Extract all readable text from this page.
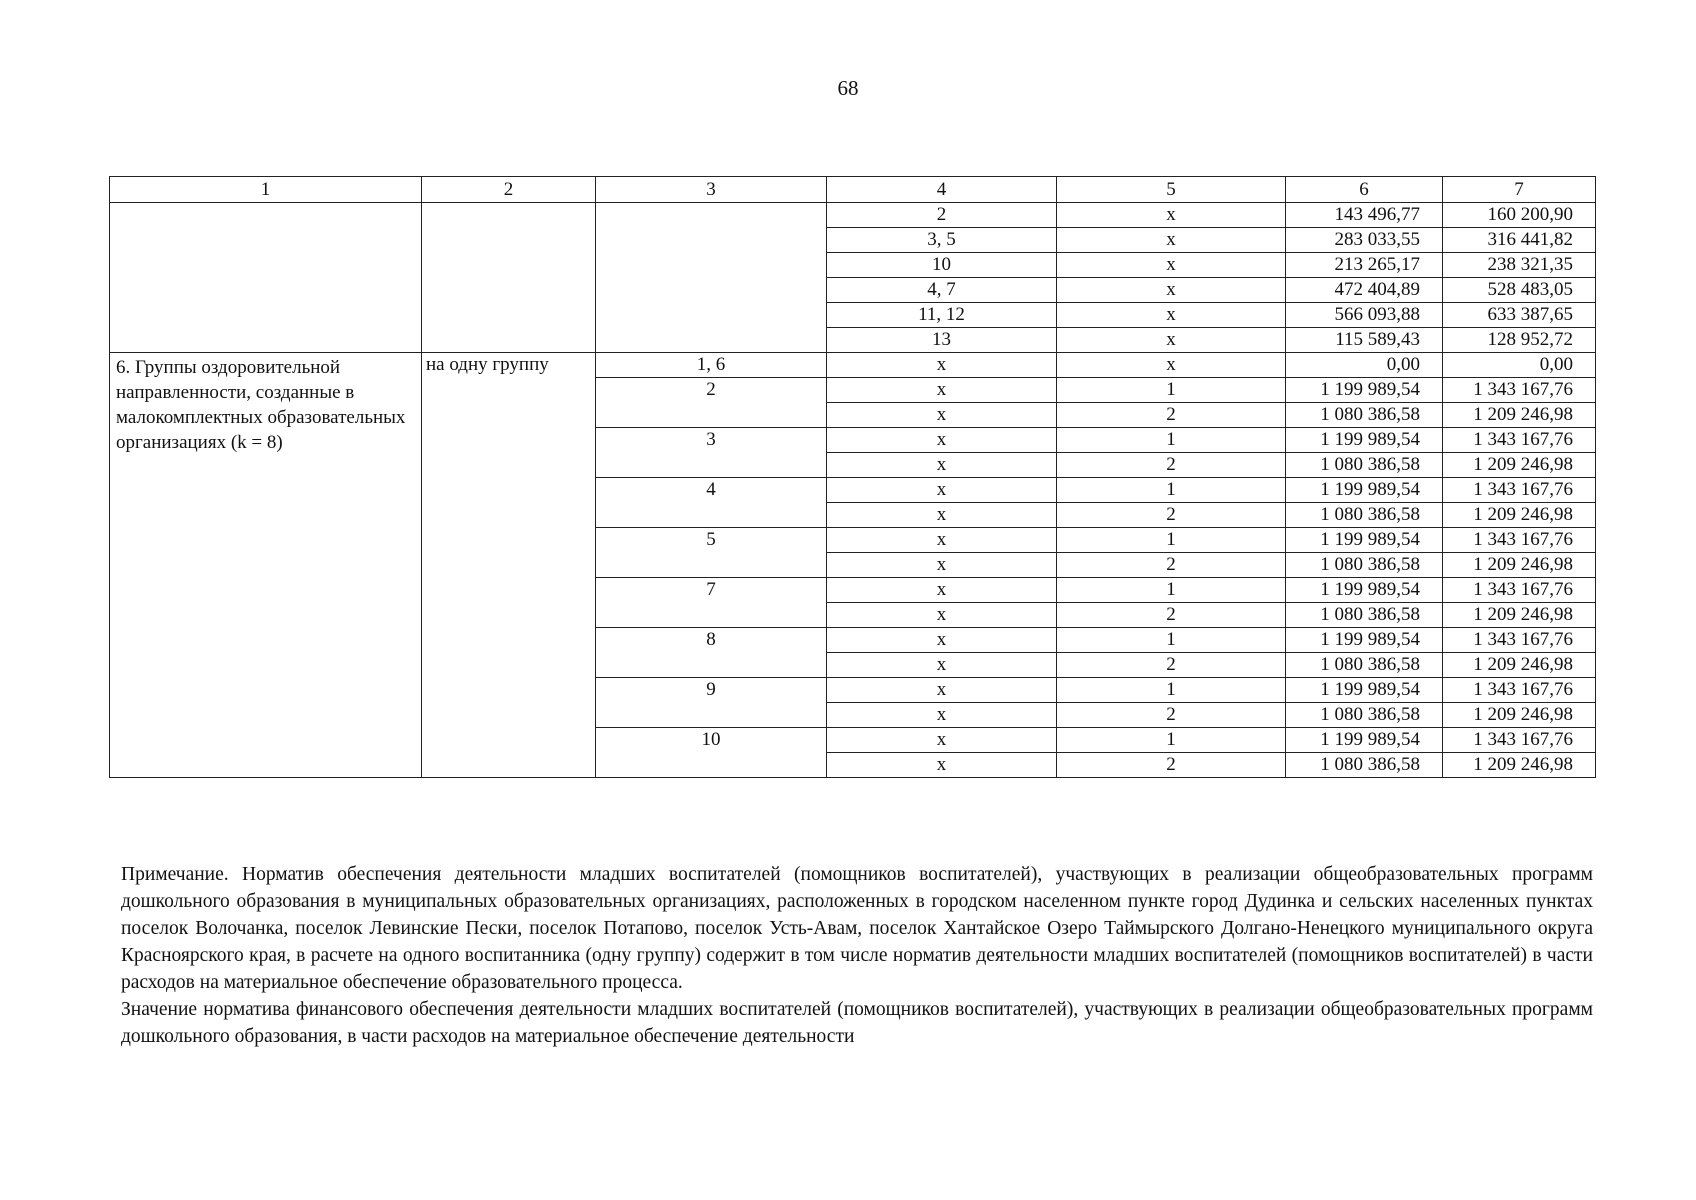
68
1	2	3	4	5	6	7
			2	х	143 496,77	160 200,90
			3, 5	х	283 033,55	316 441,82
			10	х	213 265,17	238 321,35
			4, 7	х	472 404,89	528 483,05
			11, 12	х	566 093,88	633 387,65
			13	х	115 589,43	128 952,72
6. Группы оздоровительной направленности, созданные в малокомплектных образовательных организациях (k = 8)	на одну группу	1, 6	х	х	0,00	0,00
		2	х	1	1 199 989,54	1 343 167,76
			х	2	1 080 386,58	1 209 246,98
		3	х	1	1 199 989,54	1 343 167,76
			х	2	1 080 386,58	1 209 246,98
		4	х	1	1 199 989,54	1 343 167,76
			х	2	1 080 386,58	1 209 246,98
		5	х	1	1 199 989,54	1 343 167,76
			х	2	1 080 386,58	1 209 246,98
		7	х	1	1 199 989,54	1 343 167,76
			х	2	1 080 386,58	1 209 246,98
		8	х	1	1 199 989,54	1 343 167,76
			х	2	1 080 386,58	1 209 246,98
		9	х	1	1 199 989,54	1 343 167,76
			х	2	1 080 386,58	1 209 246,98
		10	х	1	1 199 989,54	1 343 167,76
			х	2	1 080 386,58	1 209 246,98

Примечание. Норматив обеспечения деятельности младших воспитателей (помощников воспитателей), участвующих в реализации общеобразовательных программ дошкольного образования в муниципальных образовательных организациях, расположенных в городском населенном пункте город Дудинка и сельских населенных пунктах поселок Волочанка, поселок Левинские Пески, поселок Потапово, поселок Усть-Авам, поселок Хантайское Озеро Таймырского Долгано-Ненецкого муниципального округа Красноярского края, в расчете на одного воспитанника (одну группу) содержит в том числе норматив деятельности младших воспитателей (помощников воспитателей) в части расходов на материальное обеспечение образовательного процесса.

Значение норматива финансового обеспечения деятельности младших воспитателей (помощников воспитателей), участвующих в реализации общеобразовательных программ дошкольного образования, в части расходов на материальное обеспечение деятельности
